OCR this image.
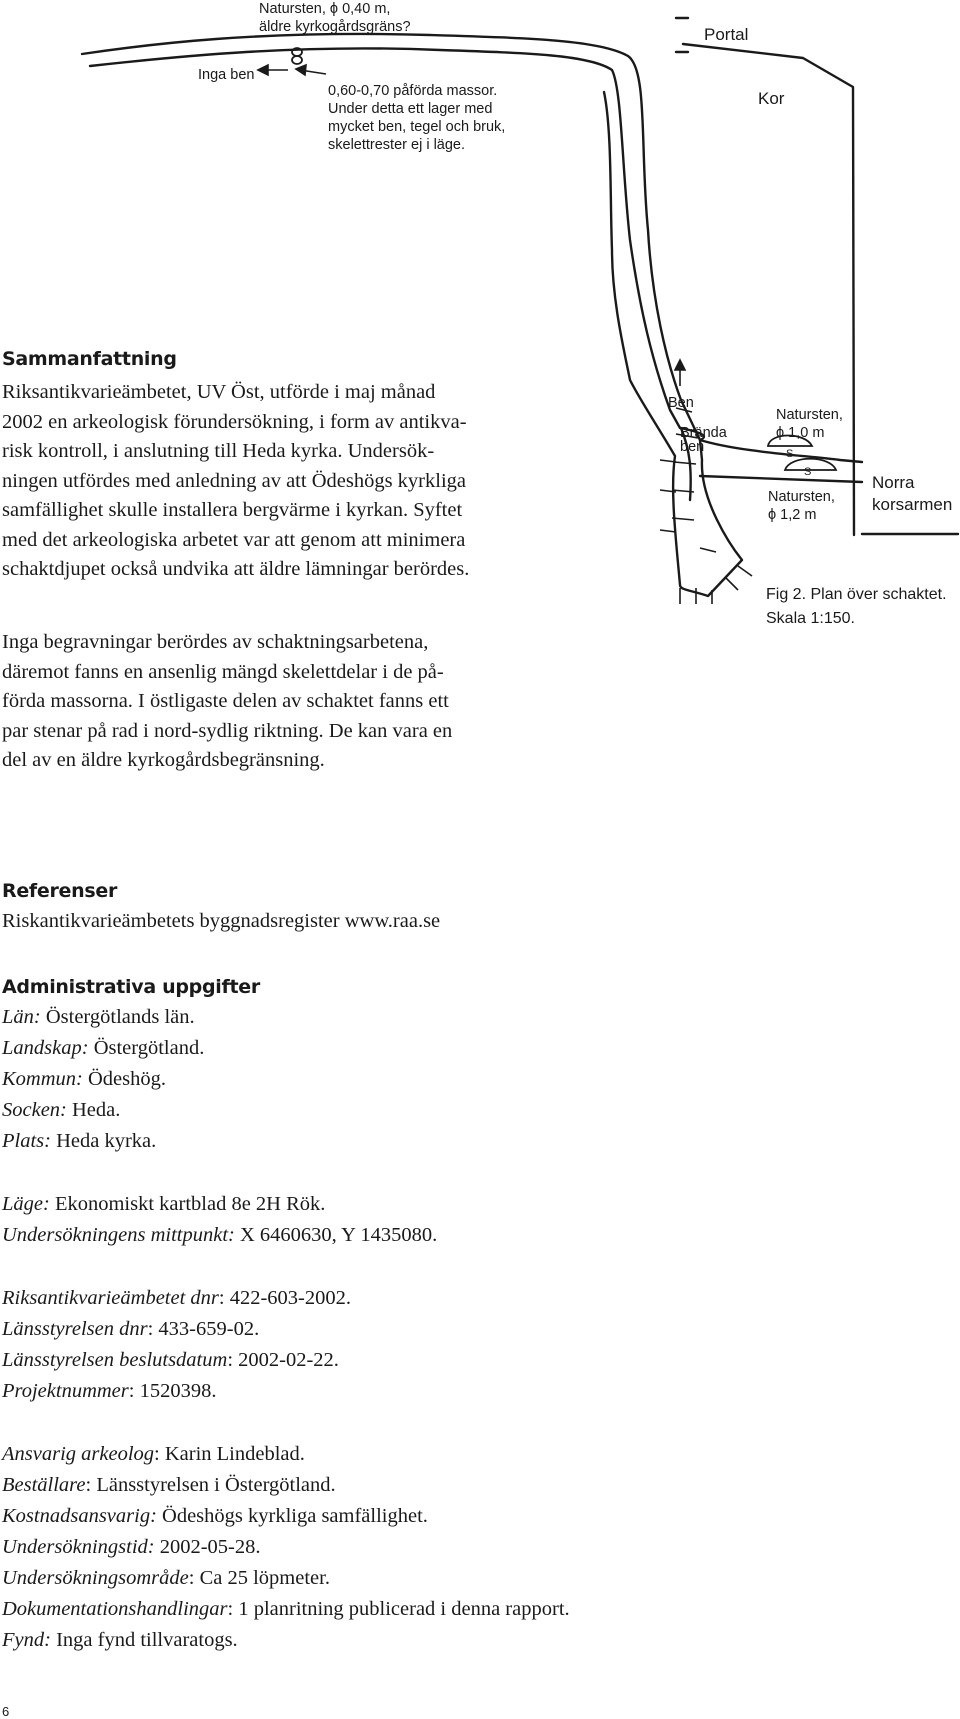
Natursten, ϕ 0,40 m,
äldre kyrkogårdsgräns?
Inga ben
0,60-0,70 påförda massor.
Under detta ett lager med
mycket ben, tegel och bruk,
skelettrester ej i läge.
Portal
Kor
Ben
Brända
ben
Natursten,
ϕ 1,0 m
S
S
Natursten,
ϕ 1,2 m
Norra
korsarmen
Fig 2. Plan över schaktet.
Skala 1:150.
Sammanfattning
Riksantikvarieämbetet, UV Öst, utförde i maj månad
2002 en arkeologisk förundersökning, i form av antikva-
risk kontroll, i anslutning till Heda kyrka. Undersök-
ningen utfördes med anledning av att Ödeshögs kyrkliga
samfällighet skulle installera bergvärme i kyrkan. Syftet
med det arkeologiska arbetet var att genom att minimera
schaktdjupet också undvika att äldre lämningar berördes.
Inga begravningar berördes av schaktningsarbetena,
däremot fanns en ansenlig mängd skelettdelar i de på-
förda massorna. I östligaste delen av schaktet fanns ett
par stenar på rad i nord-sydlig riktning. De kan vara en
del av en äldre kyrkogårdsbegränsning.
Referenser
Riskantikvarieämbetets byggnadsregister www.raa.se
Administrativa uppgifter
Län: Östergötlands län.
Landskap: Östergötland.
Kommun: Ödeshög.
Socken: Heda.
Plats: Heda kyrka.
Läge: Ekonomiskt kartblad 8e 2H Rök.
Undersökningens mittpunkt: X 6460630, Y 1435080.
Riksantikvarieämbetet dnr: 422-603-2002.
Länsstyrelsen dnr: 433-659-02.
Länsstyrelsen beslutsdatum: 2002-02-22.
Projektnummer: 1520398.
Ansvarig arkeolog: Karin Lindeblad.
Beställare: Länsstyrelsen i Östergötland.
Kostnadsansvarig: Ödeshögs kyrkliga samfällighet.
Undersökningstid: 2002-05-28.
Undersökningsområde: Ca 25 löpmeter.
Dokumentationshandlingar: 1 planritning publicerad i denna rapport.
Fynd: Inga fynd tillvaratogs.
6
